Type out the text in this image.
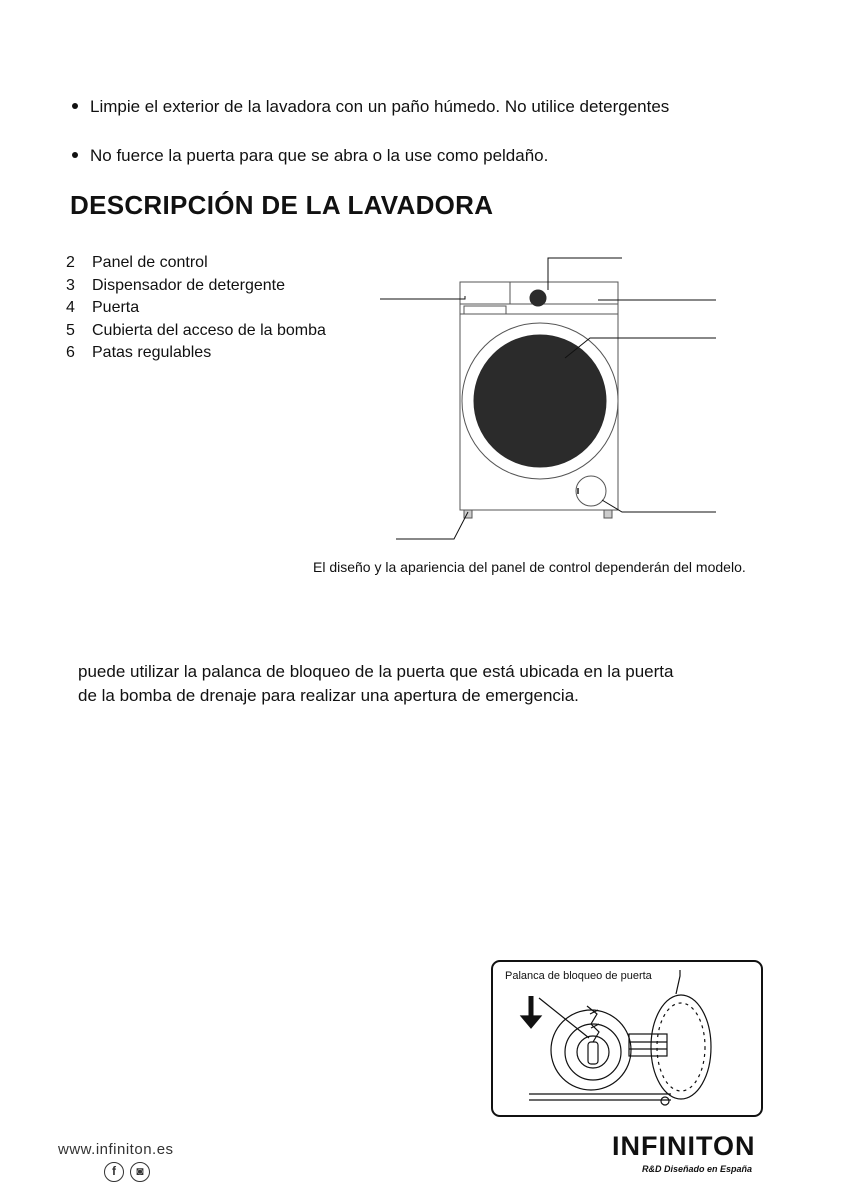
Limpie el exterior de la lavadora con un paño húmedo. No utilice detergentes
No fuerce la puerta para que se abra o la use como peldaño.
DESCRIPCIÓN DE LA LAVADORA
2 Panel de control
3 Dispensador de detergente
4 Puerta
5 Cubierta del acceso de la bomba
6 Patas regulables
El diseño y la apariencia del panel de control dependerán del modelo.
puede utilizar la palanca de bloqueo de la puerta que está ubicada en la puerta
de la bomba de drenaje para realizar una apertura de emergencia.
Palanca de bloqueo de puerta
www.infiniton.es
f	◙
INFINITON
R&D Diseñado en España
